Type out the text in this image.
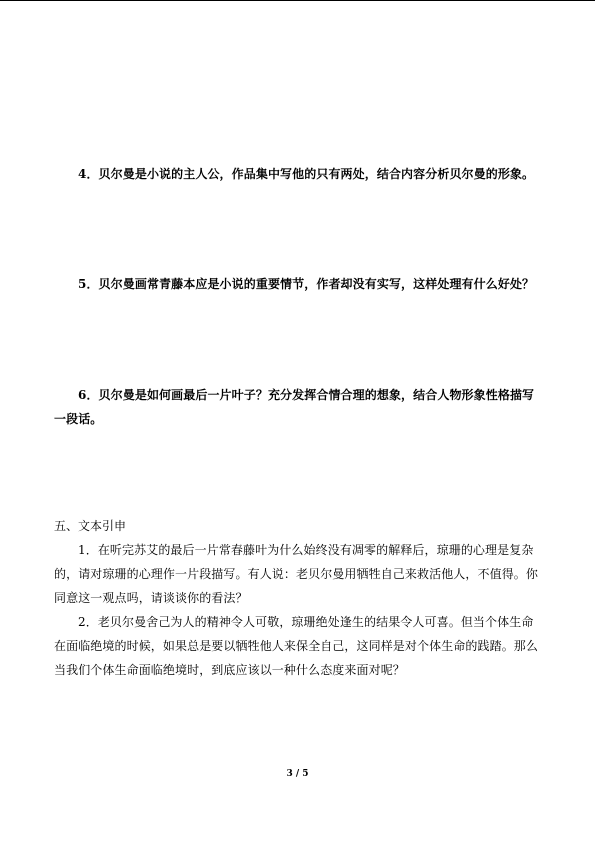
4．贝尔曼是小说的主人公，作品集中写他的只有两处，结合内容分析贝尔曼的形象。

5．贝尔曼画常青藤本应是小说的重要情节，作者却没有实写，这样处理有什么好处？

6．贝尔曼是如何画最后一片叶子？充分发挥合情合理的想象，结合人物形象性格描写一段话。

五、文本引申

1．在听完苏艾的最后一片常春藤叶为什么始终没有凋零的解释后，琼珊的心理是复杂的，请对琼珊的心理作一片段描写。有人说：老贝尔曼用牺牲自己来救活他人，不值得。你同意这一观点吗，请谈谈你的看法？

2．老贝尔曼舍己为人的精神令人可敬，琼珊绝处逢生的结果令人可喜。但当个体生命在面临绝境的时候，如果总是要以牺牲他人来保全自己，这同样是对个体生命的践踏。那么当我们个体生命面临绝境时，到底应该以一种什么态度来面对呢？

3 / 5
